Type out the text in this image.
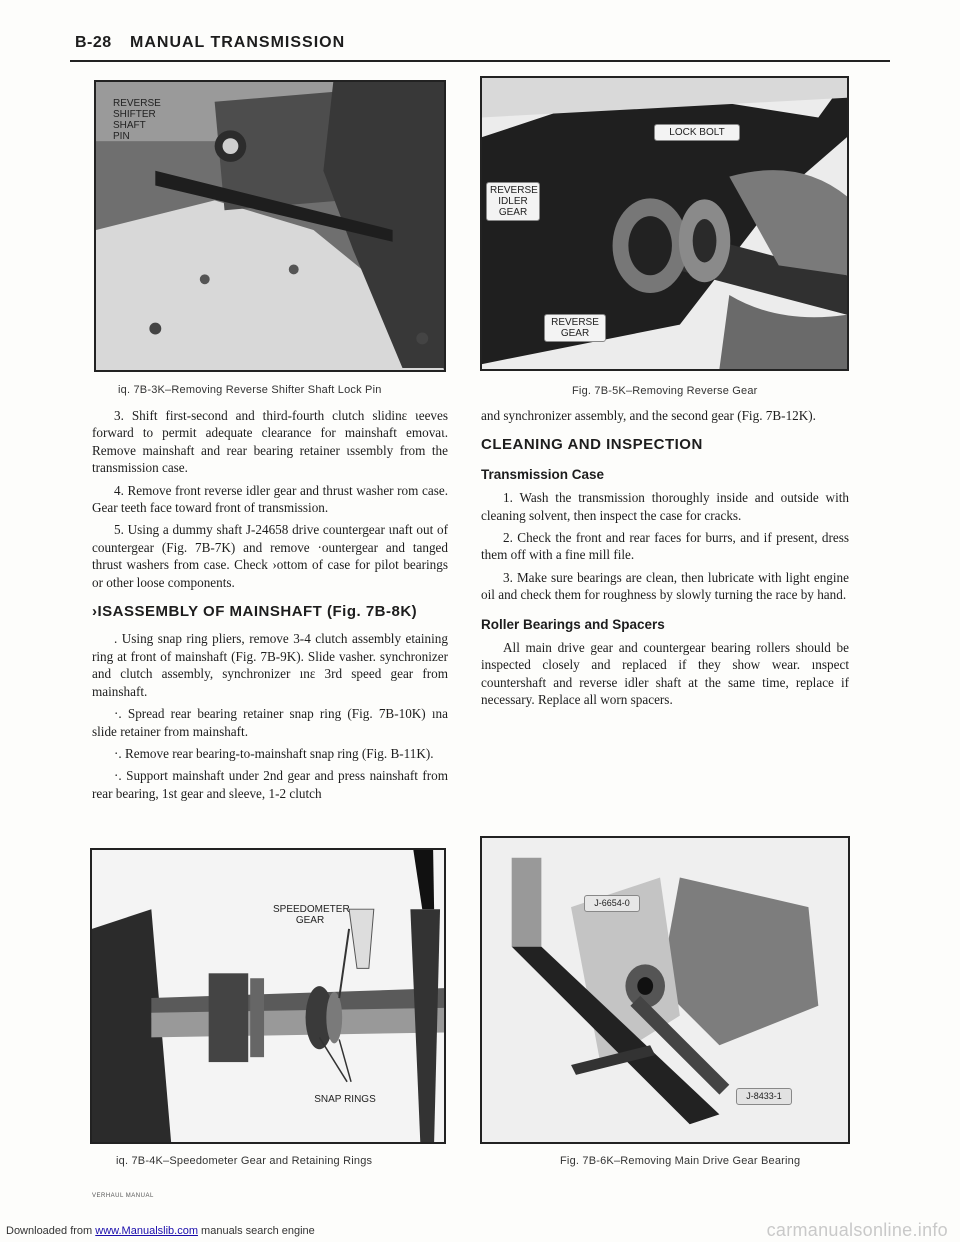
B-28 MANUAL TRANSMISSION
REVERSE SHIFTER SHAFT PIN
iq. 7B-3K–Removing Reverse Shifter Shaft Lock Pin
LOCK BOLT
REVERSE IDLER GEAR
REVERSE GEAR
Fig. 7B-5K–Removing Reverse Gear

3. Shift first-second and third-fourth clutch slidinε ιeeves forward to permit adequate clearance for mainshaft emovaι. Remove mainshaft and rear bearing retainer ιssembly from the transmission case.

4. Remove front reverse idler gear and thrust washer rom case. Gear teeth face toward front of transmission.

5. Using a dummy shaft J-24658 drive countergear ιnaft out of countergear (Fig. 7B-7K) and remove ·ountergear and tanged thrust washers from case. Check ›ottom of case for pilot bearings or other loose components.

›ISASSEMBLY OF MAINSHAFT (Fig. 7B-8K)

. Using snap ring pliers, remove 3-4 clutch assembly etaining ring at front of mainshaft (Fig. 7B-9K). Slide vasher. synchronizer and clutch assembly, synchronizer ınε 3rd speed gear from mainshaft.

·. Spread rear bearing retainer snap ring (Fig. 7B-10K) ına slide retainer from mainshaft.

·. Remove rear bearing-to-mainshaft snap ring (Fig. B-11K).

·. Support mainshaft under 2nd gear and press nainshaft from rear bearing, 1st gear and sleeve, 1-2 clutch

and synchronizer assembly, and the second gear (Fig. 7B-12K).

CLEANING AND INSPECTION
Transmission Case

1. Wash the transmission thoroughly inside and outside with cleaning solvent, then inspect the case for cracks.

2. Check the front and rear faces for burrs, and if present, dress them off with a fine mill file.

3. Make sure bearings are clean, then lubricate with light engine oil and check them for roughness by slowly turning the race by hand.

Roller Bearings and Spacers

All main drive gear and countergear bearing rollers should be inspected closely and replaced if they show wear. ınspect countershaft and reverse idler shaft at the same time, replace if necessary. Replace all worn spacers.

SPEEDOMETER GEAR
SNAP RINGS
iq. 7B-4K–Speedometer Gear and Retaining Rings
J-6654-0
J-8433-1
Fig. 7B-6K–Removing Main Drive Gear Bearing
VERHAUL MANUAL
Downloaded from www.Manualslib.com manuals search engine	carmanualsonline.info
